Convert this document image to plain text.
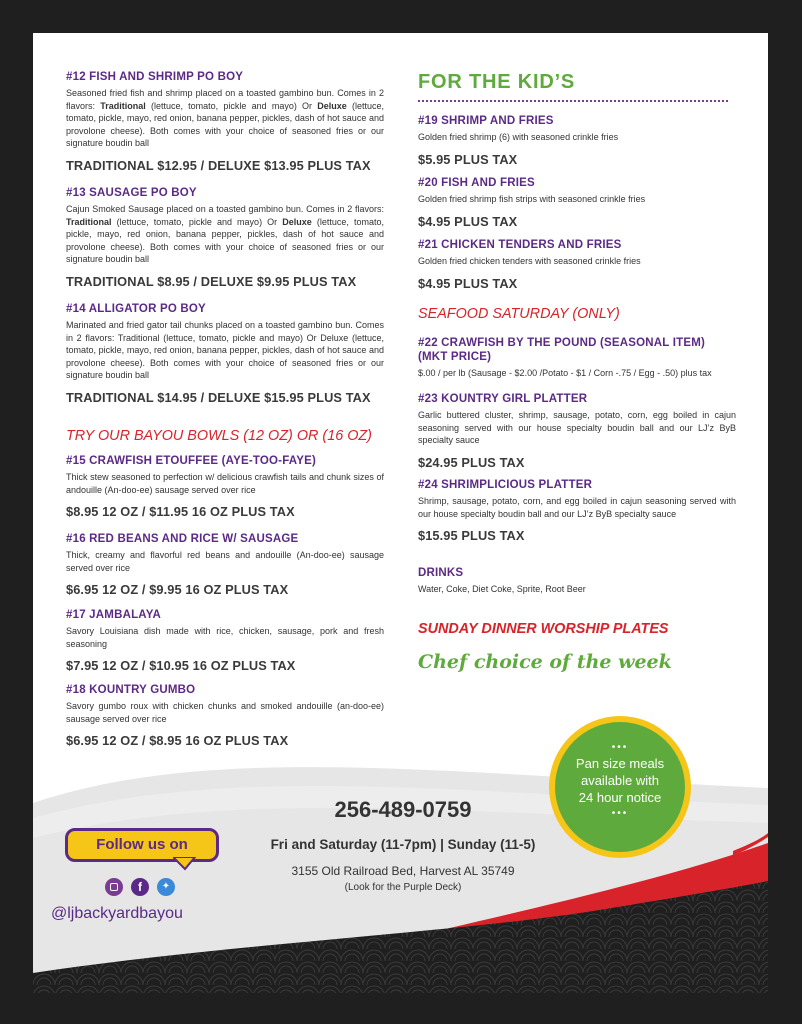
#12 FISH AND SHRIMP PO BOY

Seasoned fried fish and shrimp placed on a toasted gambino bun. Comes in 2 flavors: Traditional (lettuce, tomato, pickle and mayo) Or Deluxe (lettuce, tomato, pickle, mayo, red onion, banana pepper, pickles, dash of hot sauce and provolone cheese). Both comes with your choice of seasoned fries or our signature boudin ball

TRADITIONAL $12.95 / DELUXE $13.95 PLUS TAX

#13 SAUSAGE PO BOY

Cajun Smoked Sausage placed on a toasted gambino bun. Comes in 2 flavors: Traditional (lettuce, tomato, pickle and mayo) Or Deluxe (lettuce, tomato, pickle, mayo, red onion, banana pepper, pickles, dash of hot sauce and provolone cheese). Both comes with your choice of seasoned fries or our signature boudin ball

TRADITIONAL $8.95 / DELUXE $9.95 PLUS TAX

#14 ALLIGATOR PO BOY

Marinated and fried gator tail chunks placed on a toasted gambino bun. Comes in 2 flavors: Traditional (lettuce, tomato, pickle and mayo) Or Deluxe (lettuce, tomato, pickle, mayo, red onion, banana pepper, pickles, dash of hot sauce and provolone cheese). Both comes with your choice of seasoned fries or our signature boudin ball

TRADITIONAL $14.95 / DELUXE $15.95 PLUS TAX

TRY OUR BAYOU BOWLS (12 OZ) OR (16 OZ)

#15 CRAWFISH ETOUFFEE (AYE-TOO-FAYE)

Thick stew seasoned to perfection w/ delicious crawfish tails and chunk sizes of andouille (An-doo-ee) sausage served over rice

$8.95 12 OZ / $11.95 16 OZ PLUS TAX

#16 RED BEANS AND RICE W/ SAUSAGE

Thick, creamy and flavorful red beans and andouille (An-doo-ee) sausage served over rice

$6.95 12 OZ / $9.95 16 OZ PLUS TAX

#17 JAMBALAYA

Savory Louisiana dish made with rice, chicken, sausage, pork and fresh seasoning

$7.95 12 OZ / $10.95 16 OZ PLUS TAX

#18 KOUNTRY GUMBO

Savory gumbo roux with chicken chunks and smoked andouille (an-doo-ee) sausage served over rice

$6.95 12 OZ / $8.95 16 OZ PLUS TAX

FOR THE KID’S

#19 SHRIMP AND FRIES

Golden fried shrimp (6) with seasoned crinkle fries

$5.95 PLUS TAX

#20 FISH AND FRIES

Golden fried shrimp fish strips with seasoned crinkle fries

$4.95 PLUS TAX

#21 CHICKEN TENDERS AND FRIES

Golden fried chicken tenders with seasoned crinkle fries

$4.95 PLUS TAX

SEAFOOD SATURDAY (ONLY)

#22 CRAWFISH BY THE POUND (SEASONAL ITEM)

(MKT PRICE)

$.00 / per lb (Sausage - $2.00 /Potato - $1 / Corn -.75 / Egg - .50) plus tax

#23 KOUNTRY GIRL PLATTER

Garlic buttered cluster, shrimp, sausage, potato, corn, egg boiled in cajun seasoning served with our house specialty boudin ball and our LJ’z ByB specialty sauce

$24.95 PLUS TAX

#24 SHRIMPLICIOUS PLATTER

Shrimp, sausage, potato, corn, and egg boiled in cajun seasoning served with our house specialty boudin ball and our LJ’z ByB specialty sauce

$15.95 PLUS TAX

DRINKS

Water, Coke, Diet Coke, Sprite, Root Beer

SUNDAY DINNER WORSHIP PLATES

Chef choice of the week

•••
Pan size meals
available with
24 hour notice
•••
256-489-0759
Fri and Saturday (11-7pm) | Sunday (11-5)
3155 Old Railroad Bed, Harvest AL 35749
(Look for the Purple Deck)
Follow us on
f	✦
@ljbackyardbayou
